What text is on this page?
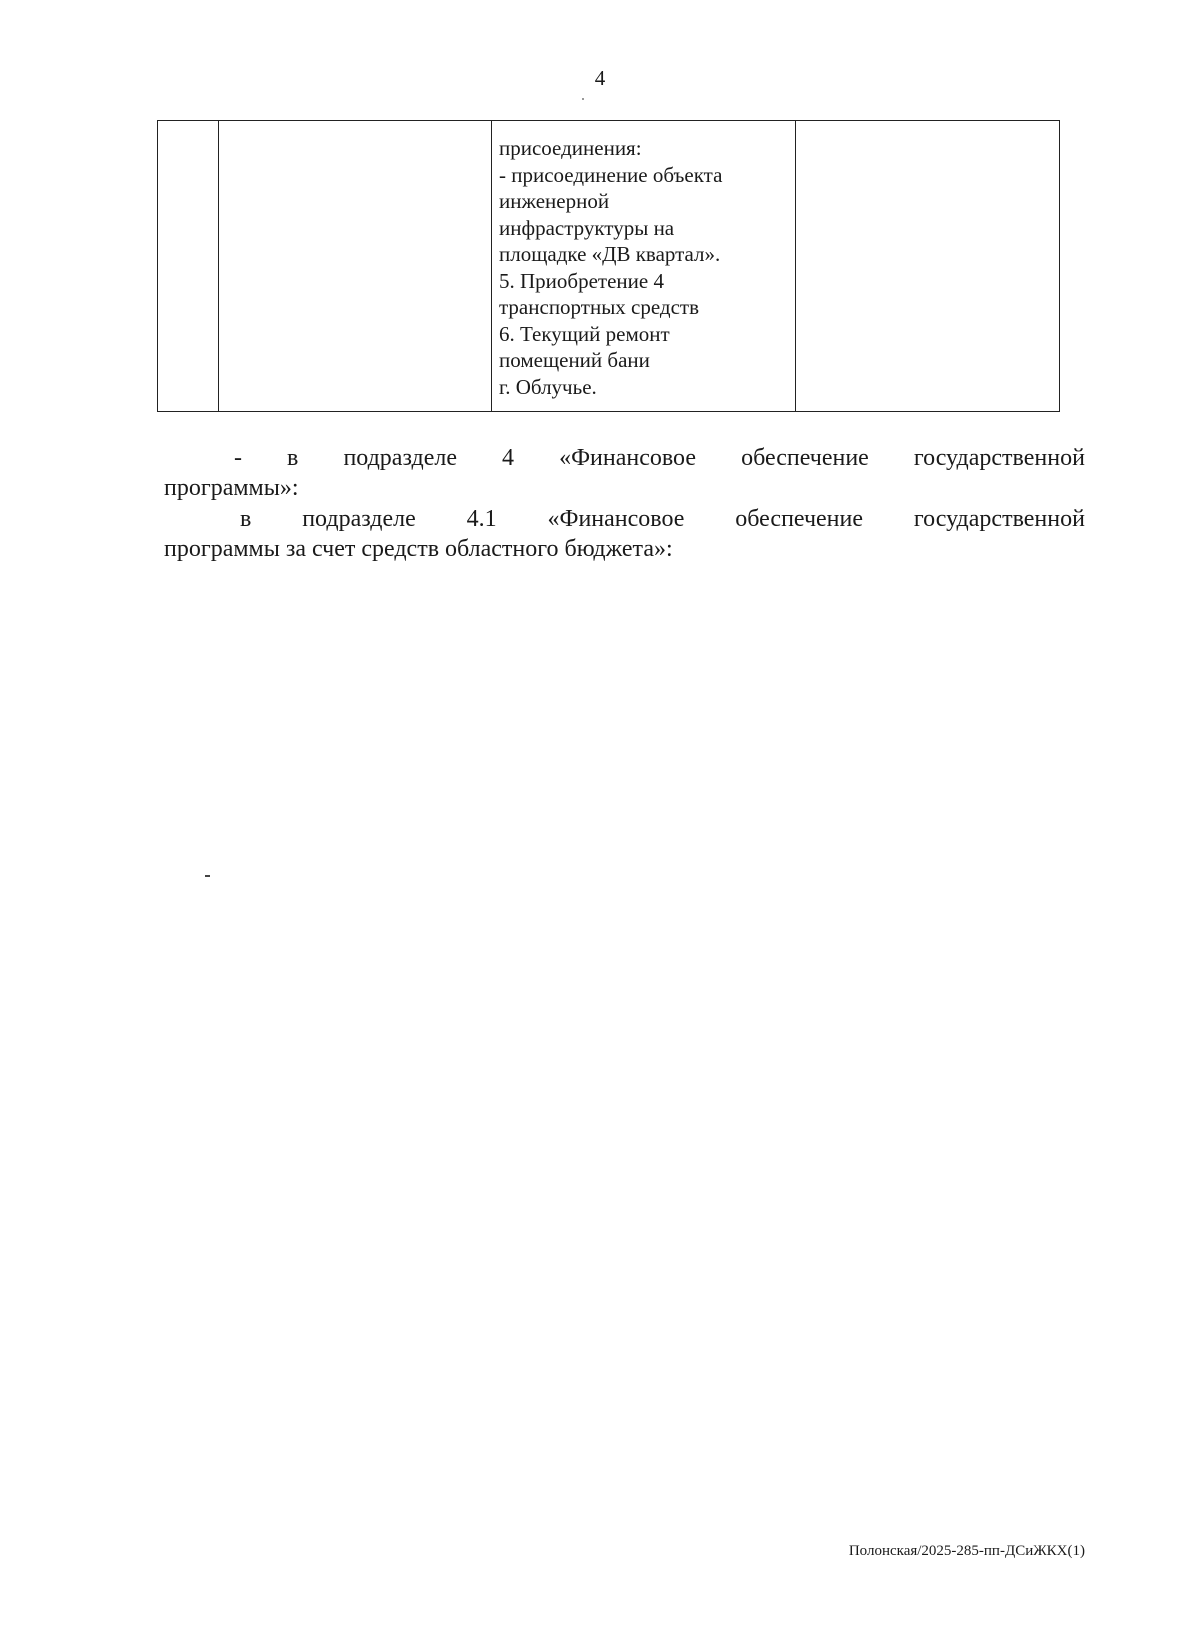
4

присоединения:
- присоединение объекта
инженерной
инфраструктуры на
площадке «ДВ квартал».
5. Приобретение 4
транспортных средств
6. Текущий ремонт
помещений бани
г. Облучье.

- в подразделе 4 «Финансовое обеспечение государственной
программы»:
в подразделе 4.1 «Финансовое обеспечение государственной
программы за счет средств областного бюджета»:
Полонская/2025-285-пп-ДСиЖКХ(1)
